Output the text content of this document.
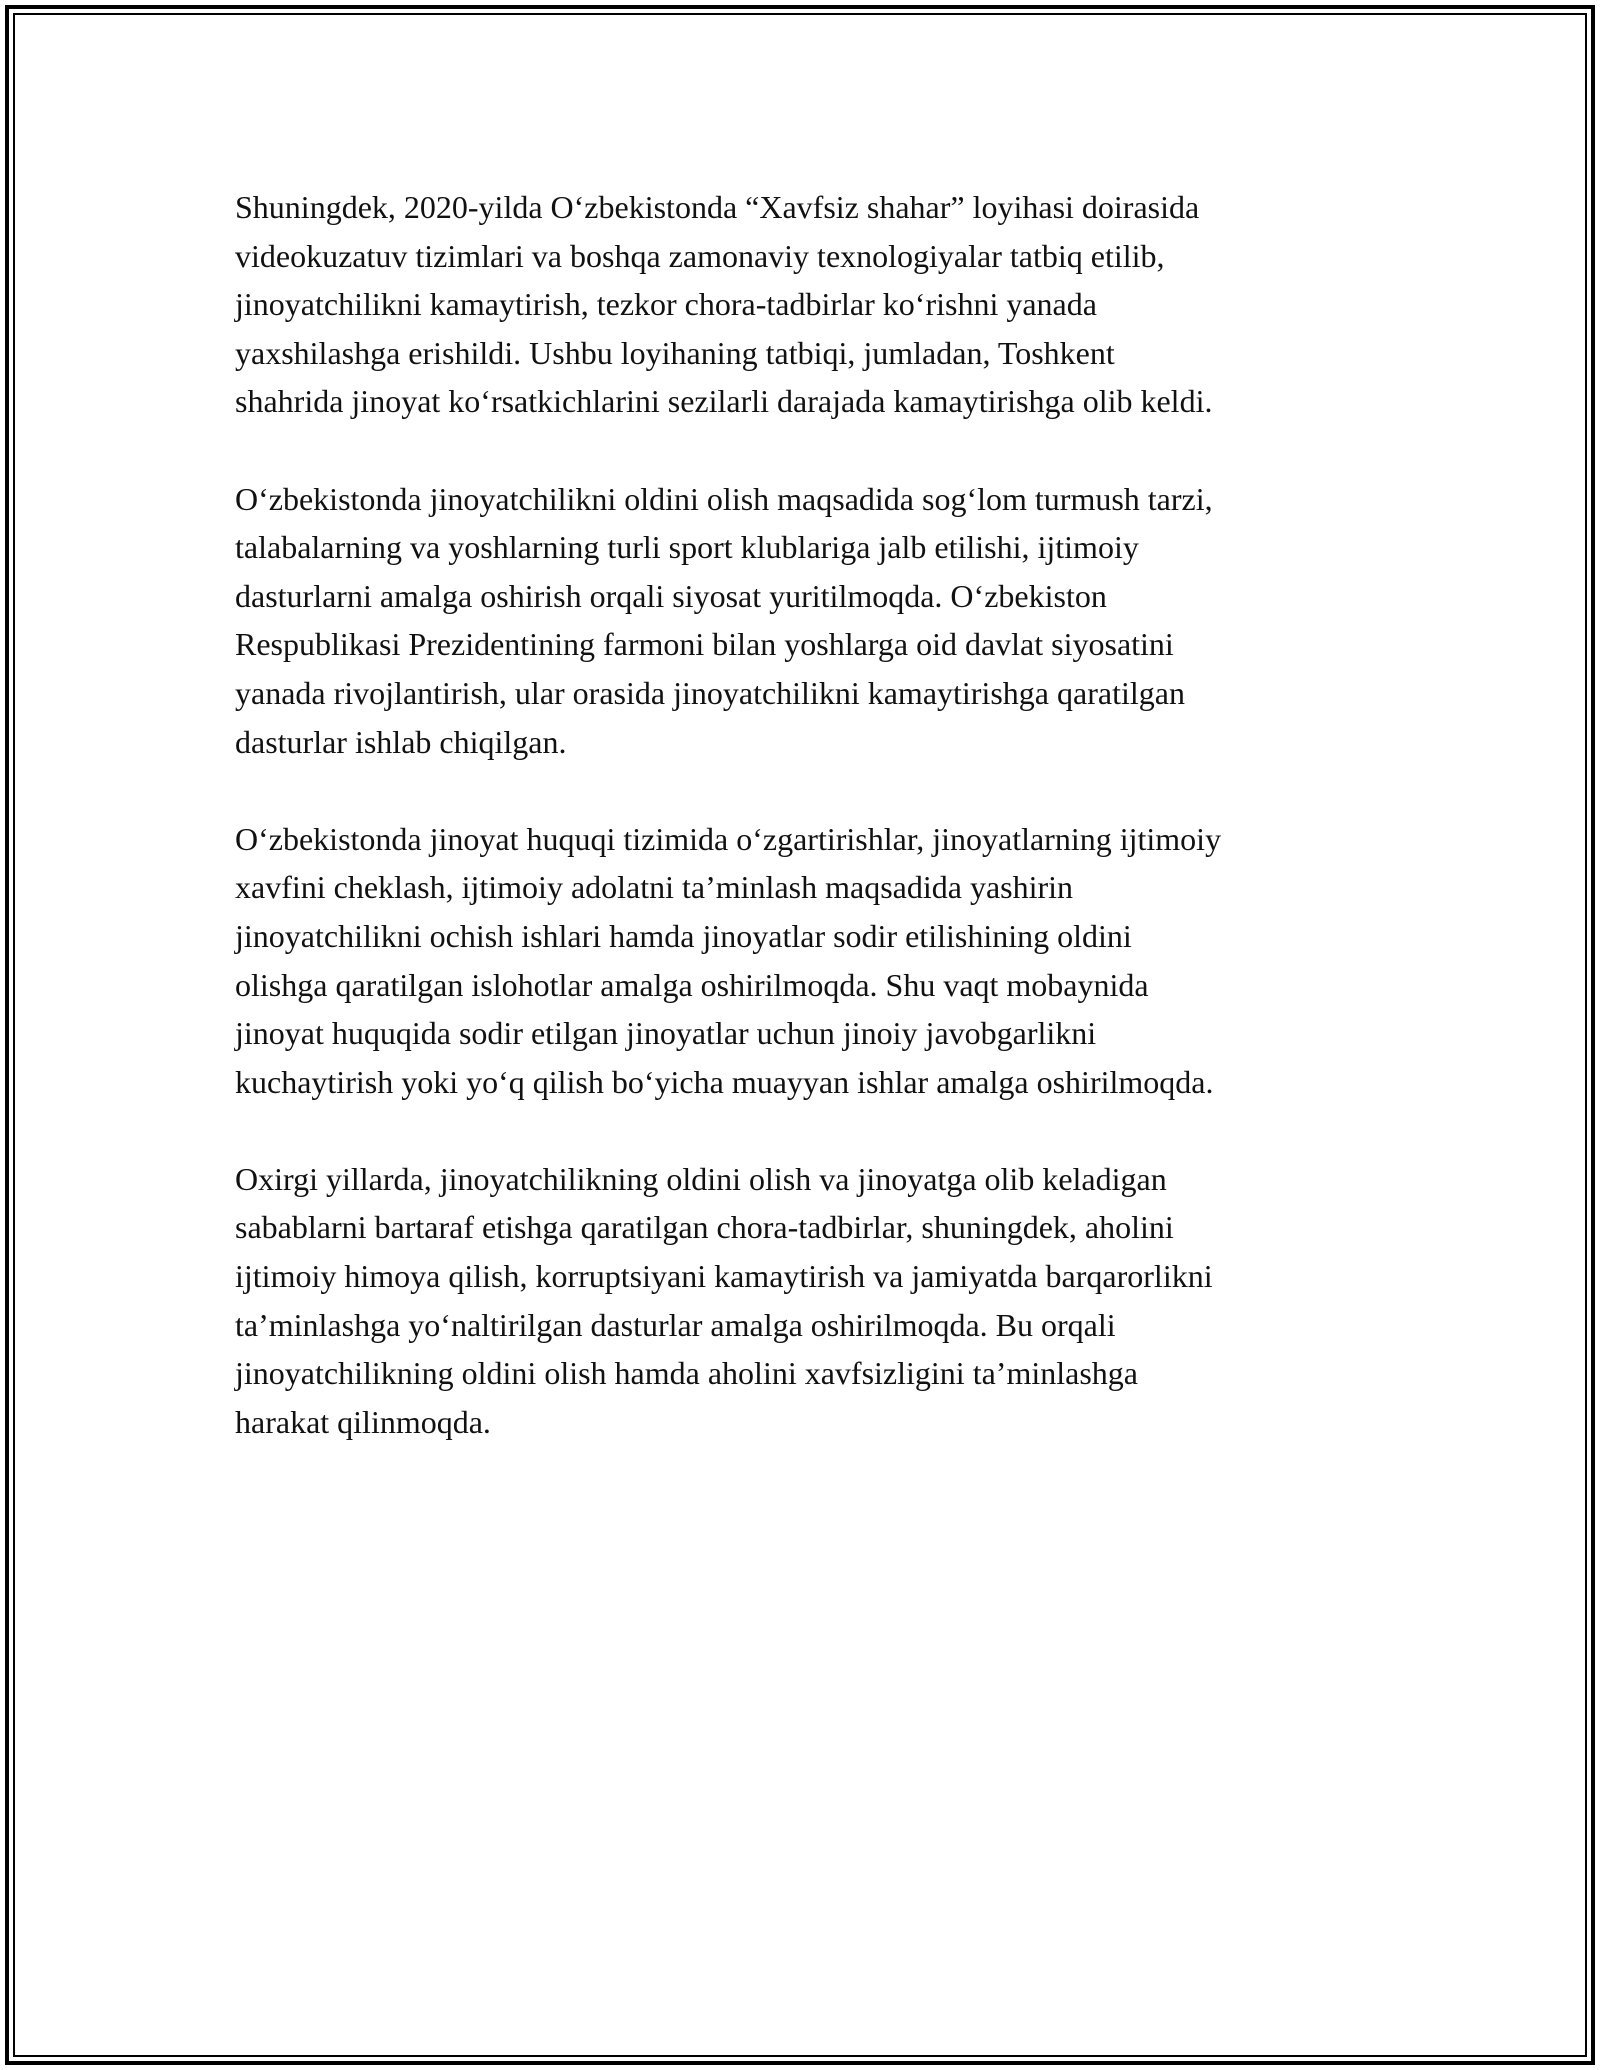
Shuningdek, 2020-yilda O‘zbekistonda “Xavfsiz shahar” loyihasi doirasida
videokuzatuv tizimlari va boshqa zamonaviy texnologiyalar tatbiq etilib,
jinoyatchilikni kamaytirish, tezkor chora-tadbirlar ko‘rishni yanada
yaxshilashga erishildi. Ushbu loyihaning tatbiqi, jumladan, Toshkent
shahrida jinoyat ko‘rsatkichlarini sezilarli darajada kamaytirishga olib keldi.

O‘zbekistonda jinoyatchilikni oldini olish maqsadida sog‘lom turmush tarzi,
talabalarning va yoshlarning turli sport klublariga jalb etilishi, ijtimoiy
dasturlarni amalga oshirish orqali siyosat yuritilmoqda. O‘zbekiston
Respublikasi Prezidentining farmoni bilan yoshlarga oid davlat siyosatini
yanada rivojlantirish, ular orasida jinoyatchilikni kamaytirishga qaratilgan
dasturlar ishlab chiqilgan.

O‘zbekistonda jinoyat huquqi tizimida o‘zgartirishlar, jinoyatlarning ijtimoiy
xavfini cheklash, ijtimoiy adolatni ta’minlash maqsadida yashirin
jinoyatchilikni ochish ishlari hamda jinoyatlar sodir etilishining oldini
olishga qaratilgan islohotlar amalga oshirilmoqda. Shu vaqt mobaynida
jinoyat huquqida sodir etilgan jinoyatlar uchun jinoiy javobgarlikni
kuchaytirish yoki yo‘q qilish bo‘yicha muayyan ishlar amalga oshirilmoqda.

Oxirgi yillarda, jinoyatchilikning oldini olish va jinoyatga olib keladigan
sabablarni bartaraf etishga qaratilgan chora-tadbirlar, shuningdek, aholini
ijtimoiy himoya qilish, korruptsiyani kamaytirish va jamiyatda barqarorlikni
ta’minlashga yo‘naltirilgan dasturlar amalga oshirilmoqda. Bu orqali
jinoyatchilikning oldini olish hamda aholini xavfsizligini ta’minlashga
harakat qilinmoqda.
